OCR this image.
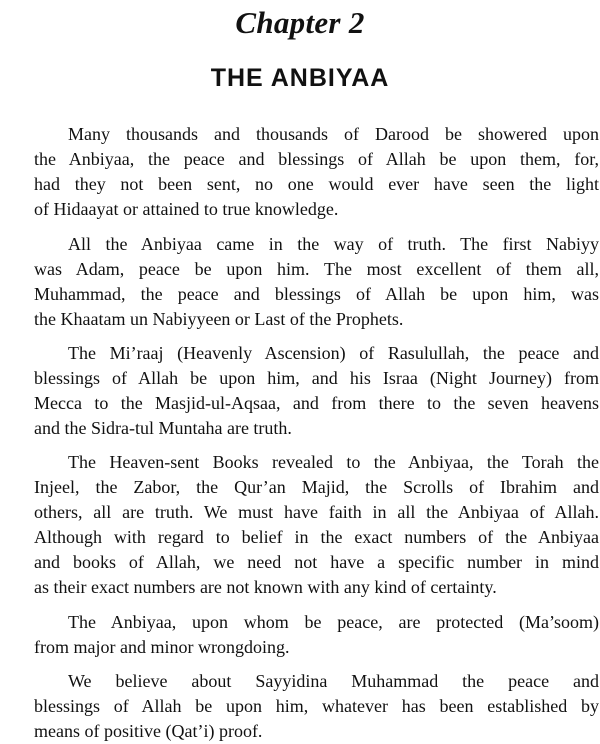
Chapter 2
THE ANBIYAA
Many thousands and thousands of Darood be showered upon
the Anbiyaa, the peace and blessings of Allah be upon them, for,
had they not been sent, no one would ever have seen the light
of Hidaayat or attained to true knowledge.
All the Anbiyaa came in the way of truth. The first Nabiyy
was Adam, peace be upon him. The most excellent of them all,
Muhammad, the peace and blessings of Allah be upon him, was
the Khaatam un Nabiyyeen or Last of the Prophets.
The Mi’raaj (Heavenly Ascension) of Rasulullah, the peace and
blessings of Allah be upon him, and his Israa (Night Journey) from
Mecca to the Masjid-ul-Aqsaa, and from there to the seven heavens
and the Sidra-tul Muntaha are truth.
The Heaven-sent Books revealed to the Anbiyaa, the Torah the
Injeel, the Zabor, the Qur’an Majid, the Scrolls of Ibrahim and
others, all are truth. We must have faith in all the Anbiyaa of Allah.
Although with regard to belief in the exact numbers of the Anbiyaa
and books of Allah, we need not have a specific number in mind
as their exact numbers are not known with any kind of certainty.
The Anbiyaa, upon whom be peace, are protected (Ma’soom)
from major and minor wrongdoing.
We believe about Sayyidina Muhammad the peace and
blessings of Allah be upon him, whatever has been established by
means of positive (Qat’i) proof.
